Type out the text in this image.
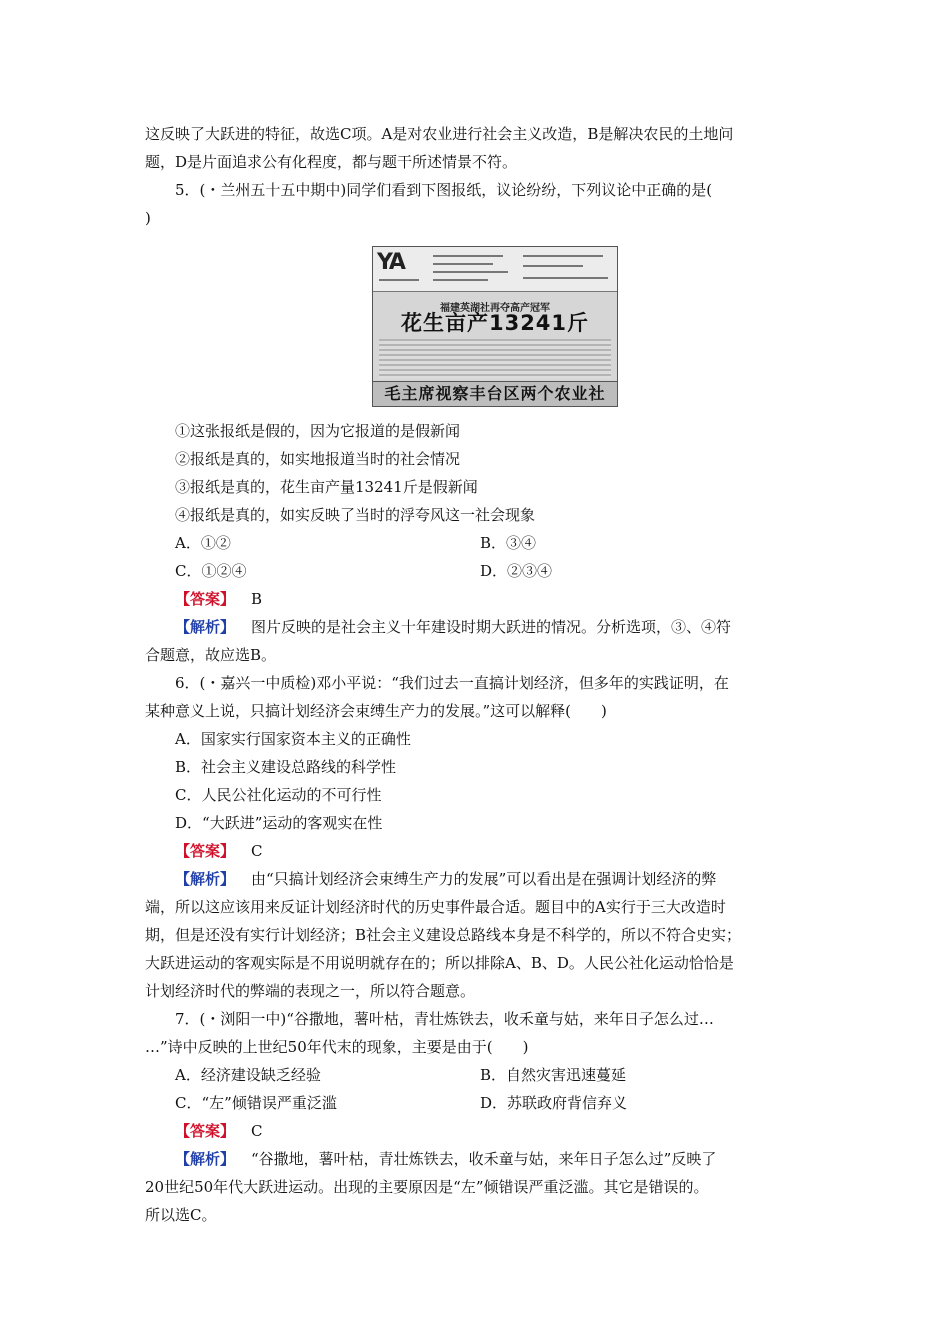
这反映了大跃进的特征，故选C项。A是对农业进行社会主义改造，B是解决农民的土地问
题，D是片面追求公有化程度，都与题干所述情景不符。
5．(・兰州五十五中期中)同学们看到下图报纸，议论纷纷，下列议论中正确的是(
)
YA
福建英湖社再夺高产冠军
花生亩产13241斤
毛主席视察丰台区两个农业社
①这张报纸是假的，因为它报道的是假新闻
②报纸是真的，如实地报道当时的社会情况
③报纸是真的，花生亩产量13241斤是假新闻
④报纸是真的，如实反映了当时的浮夸风这一社会现象
A．①②	B．③④
C．①②④	D．②③④
【答案】 B
【解析】 图片反映的是社会主义十年建设时期大跃进的情况。分析选项，③、④符
合题意，故应选B。
6．(・嘉兴一中质检)邓小平说：“我们过去一直搞计划经济，但多年的实践证明，在
某种意义上说，只搞计划经济会束缚生产力的发展。”这可以解释(　　)
A．国家实行国家资本主义的正确性
B．社会主义建设总路线的科学性
C．人民公社化运动的不可行性
D．“大跃进”运动的客观实在性
【答案】 C
【解析】 由“只搞计划经济会束缚生产力的发展”可以看出是在强调计划经济的弊
端，所以这应该用来反证计划经济时代的历史事件最合适。题目中的A实行于三大改造时
期，但是还没有实行计划经济；B社会主义建设总路线本身是不科学的，所以不符合史实；
大跃进运动的客观实际是不用说明就存在的；所以排除A、B、D。人民公社化运动恰恰是
计划经济时代的弊端的表现之一，所以符合题意。
7．(・浏阳一中)“谷撒地，薯叶枯，青壮炼铁去，收禾童与姑，来年日子怎么过…
…”诗中反映的上世纪50年代末的现象，主要是由于(　　)
A．经济建设缺乏经验	B．自然灾害迅速蔓延
C．“左”倾错误严重泛滥	D．苏联政府背信弃义
【答案】 C
【解析】 “谷撒地，薯叶枯，青壮炼铁去，收禾童与姑，来年日子怎么过”反映了
20世纪50年代大跃进运动。出现的主要原因是“左”倾错误严重泛滥。其它是错误的。
所以选C。
